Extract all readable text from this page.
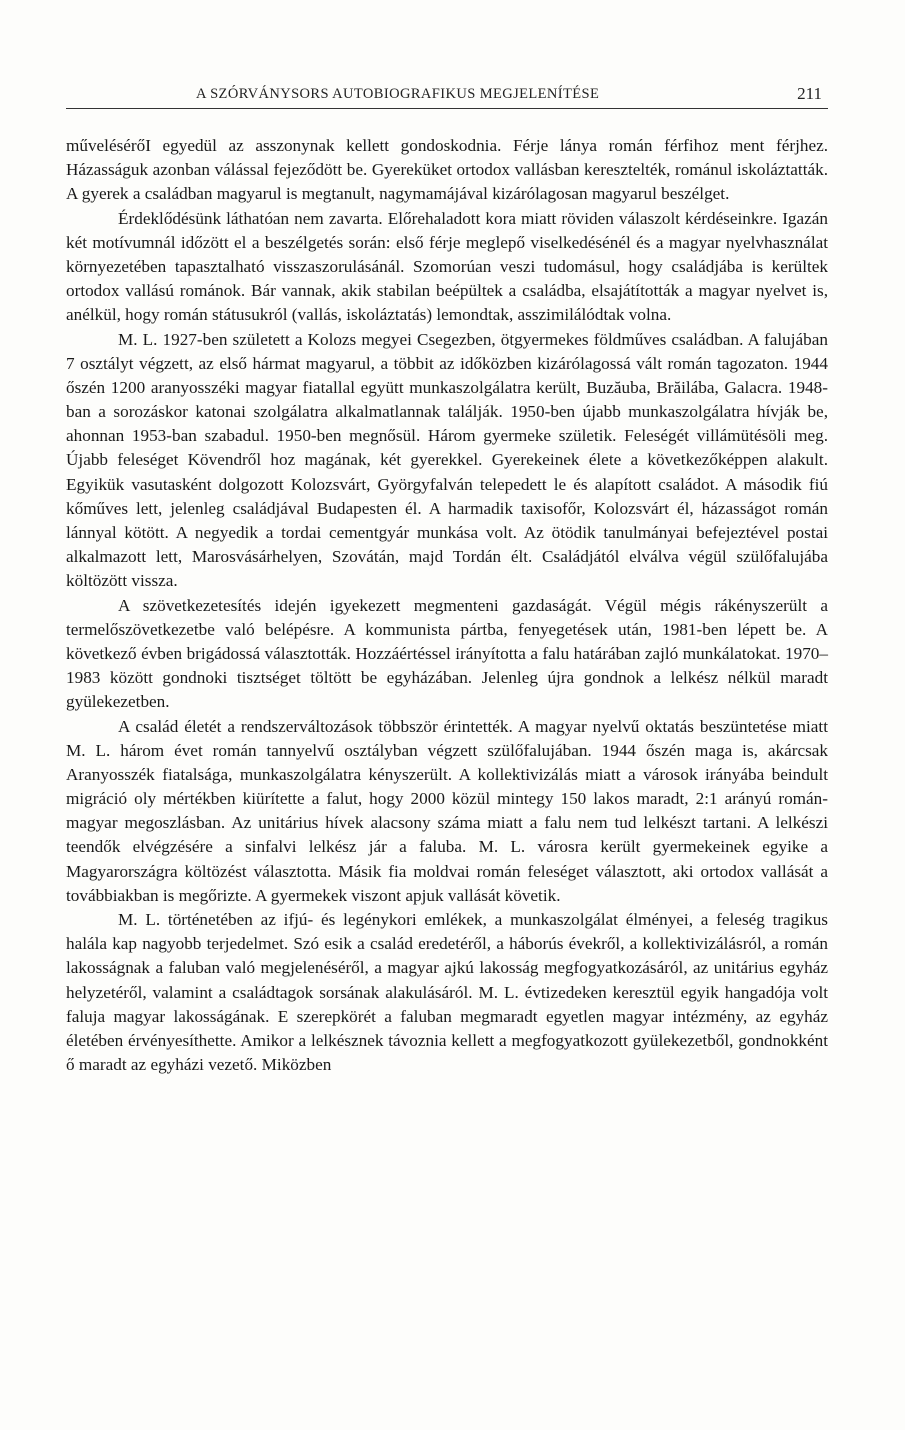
A SZÓRVÁNYSORS AUTOBIOGRAFIKUS MEGJELENÍTÉSE	211

művelésérőI egyedül az asszonynak kellett gondoskodnia. Férje lánya román férfihoz ment férjhez. Házasságuk azonban válással fejeződött be. Gyereküket ortodox vallásban keresztelték, románul iskoláztatták. A gyerek a családban magyarul is megtanult, nagymamájával kizárólagosan magyarul beszélget.

Érdeklődésünk láthatóan nem zavarta. Előrehaladott kora miatt röviden válaszolt kérdéseinkre. Igazán két motívumnál időzött el a beszélgetés során: első férje meglepő viselkedésénél és a magyar nyelvhasználat környezetében tapasztalható visszaszorulásánál. Szomorúan veszi tudomásul, hogy családjába is kerültek ortodox vallású románok. Bár vannak, akik stabilan beépültek a családba, elsajátították a magyar nyelvet is, anélkül, hogy román státusukról (vallás, iskoláztatás) lemondtak, asszimilálódtak volna.

M. L. 1927-ben született a Kolozs megyei Csegezben, ötgyermekes földműves családban. A falujában 7 osztályt végzett, az első hármat magyarul, a többit az időközben kizárólagossá vált román tagozaton. 1944 őszén 1200 aranyosszéki magyar fiatallal együtt munkaszolgálatra került, Buzăuba, Brăilába, Galacra. 1948-ban a sorozáskor katonai szolgálatra alkalmatlannak találják. 1950-ben újabb munkaszolgálatra hívják be, ahonnan 1953-ban szabadul. 1950-ben megnősül. Három gyermeke születik. Feleségét villámütésöli meg. Újabb feleséget Kövendről hoz magának, két gyerekkel. Gyerekeinek élete a következőképpen alakult. Egyikük vasutasként dolgozott Kolozsvárt, Györgyfalván telepedett le és alapított családot. A második fiú kőműves lett, jelenleg családjával Budapesten él. A harmadik taxisofőr, Kolozsvárt él, házasságot román lánnyal kötött. A negyedik a tordai cementgyár munkása volt. Az ötödik tanulmányai befejeztével postai alkalmazott lett, Marosvásárhelyen, Szovátán, majd Tordán élt. Családjától elválva végül szülőfalujába költözött vissza.

A szövetkezetesítés idején igyekezett megmenteni gazdaságát. Végül mégis rákényszerült a termelőszövetkezetbe való belépésre. A kommunista pártba, fenyegetések után, 1981-ben lépett be. A következő évben brigádossá választották. Hozzáértéssel irányította a falu határában zajló munkálatokat. 1970–1983 között gondnoki tisztséget töltött be egyházában. Jelenleg újra gondnok a lelkész nélkül maradt gyülekezetben.

A család életét a rendszerváltozások többször érintették. A magyar nyelvű oktatás beszüntetése miatt M. L. három évet román tannyelvű osztályban végzett szülőfalujában. 1944 őszén maga is, akárcsak Aranyosszék fiatalsága, munkaszolgálatra kényszerült. A kollektivizálás miatt a városok irányába beindult migráció oly mértékben kiürítette a falut, hogy 2000 közül mintegy 150 lakos maradt, 2:1 arányú román-magyar megoszlásban. Az unitárius hívek alacsony száma miatt a falu nem tud lelkészt tartani. A lelkészi teendők elvégzésére a sinfalvi lelkész jár a faluba. M. L. városra került gyermekeinek egyike a Magyarországra költözést választotta. Másik fia moldvai román feleséget választott, aki ortodox vallását a továbbiakban is megőrizte. A gyermekek viszont apjuk vallását követik.

M. L. történetében az ifjú- és legénykori emlékek, a munkaszolgálat élményei, a feleség tragikus halála kap nagyobb terjedelmet. Szó esik a család eredetéről, a háborús évekről, a kollektivizálásról, a román lakosságnak a faluban való megjelenéséről, a magyar ajkú lakosság megfogyatkozásáról, az unitárius egyház helyzetéről, valamint a családtagok sorsának alakulásáról. M. L. évtizedeken keresztül egyik hangadója volt faluja magyar lakosságának. E szerepkörét a faluban megmaradt egyetlen magyar intézmény, az egyház életében érvényesíthette. Amikor a lelkésznek távoznia kellett a megfogyatkozott gyülekezetből, gondnokként ő maradt az egyházi vezető. Miközben
